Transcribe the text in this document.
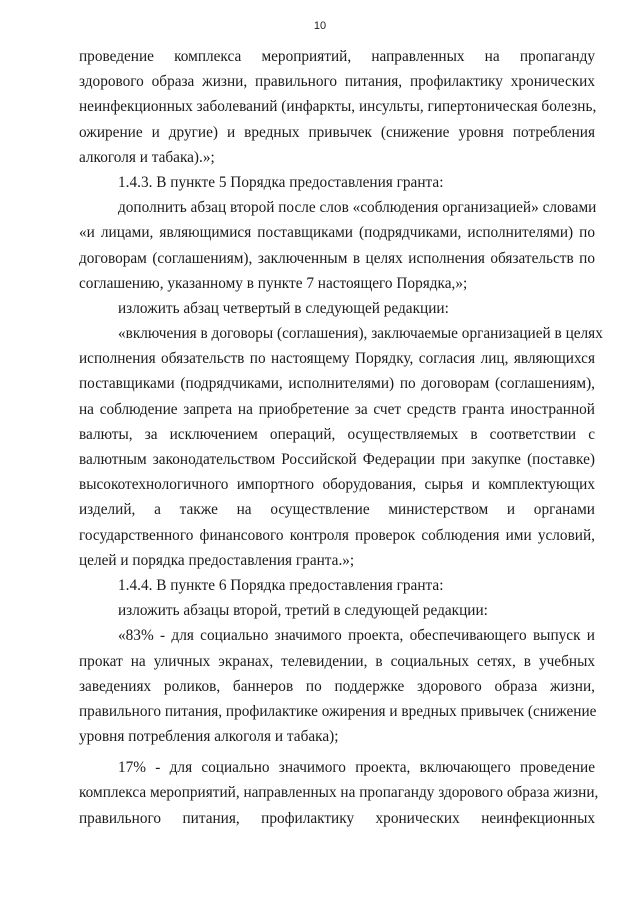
10
проведение комплекса мероприятий, направленных на пропаганду
здорового образа жизни, правильного питания, профилактику хронических
неинфекционных заболеваний (инфаркты, инсульты, гипертоническая болезнь,
ожирение и другие) и вредных привычек (снижение уровня потребления
алкоголя и табака).»;
1.4.3. В пункте 5 Порядка предоставления гранта:
дополнить абзац второй после слов «соблюдения организацией» словами
«и лицами, являющимися поставщиками (подрядчиками, исполнителями) по
договорам (соглашениям), заключенным в целях исполнения обязательств по
соглашению, указанному в пункте 7 настоящего Порядка,»;
изложить абзац четвертый в следующей редакции:
«включения в договоры (соглашения), заключаемые организацией в целях
исполнения обязательств по настоящему Порядку, согласия лиц, являющихся
поставщиками (подрядчиками, исполнителями) по договорам (соглашениям),
на соблюдение запрета на приобретение за счет средств гранта иностранной
валюты, за исключением операций, осуществляемых в соответствии с
валютным законодательством Российской Федерации при закупке (поставке)
высокотехнологичного импортного оборудования, сырья и комплектующих
изделий, а также на осуществление министерством и органами
государственного финансового контроля проверок соблюдения ими условий,
целей и порядка предоставления гранта.»;
1.4.4. В пункте 6 Порядка предоставления гранта:
изложить абзацы второй, третий в следующей редакции:
«83% - для социально значимого проекта, обеспечивающего выпуск и
прокат на уличных экранах, телевидении, в социальных сетях, в учебных
заведениях роликов, баннеров по поддержке здорового образа жизни,
правильного питания, профилактике ожирения и вредных привычек (снижение
уровня потребления алкоголя и табака);
17% - для социально значимого проекта, включающего проведение
комплекса мероприятий, направленных на пропаганду здорового образа жизни,
правильного питания, профилактику хронических неинфекционных
